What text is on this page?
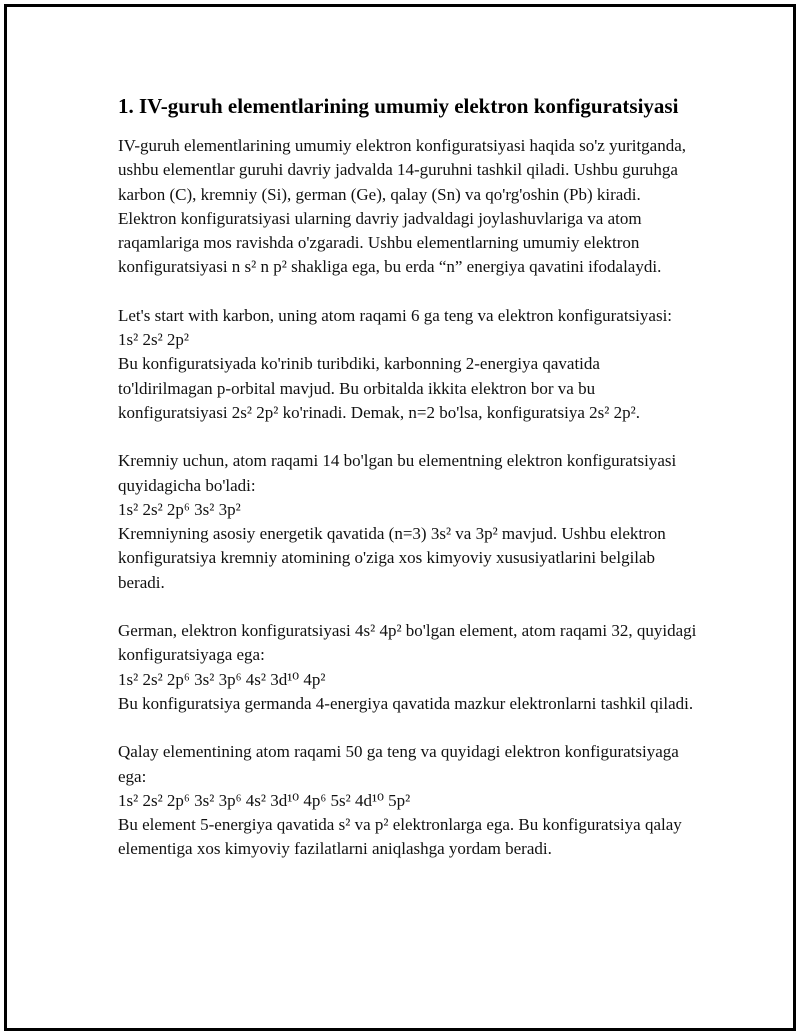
1. IV-guruh elementlarining umumiy elektron konfiguratsiyasi

IV-guruh elementlarining umumiy elektron konfiguratsiyasi haqida so'z yuritganda, ushbu elementlar guruhi davriy jadvalda 14-guruhni tashkil qiladi. Ushbu guruhga karbon (C), kremniy (Si), german (Ge), qalay (Sn) va qo'rg'oshin (Pb) kiradi. Elektron konfiguratsiyasi ularning davriy jadvaldagi joylashuvlariga va atom raqamlariga mos ravishda o'zgaradi. Ushbu elementlarning umumiy elektron konfiguratsiyasi n s² n p² shakliga ega, bu erda “n” energiya qavatini ifodalaydi.

Let's start with karbon, uning atom raqami 6 ga teng va elektron konfiguratsiyasi:
1s² 2s² 2p²
Bu konfiguratsiyada ko'rinib turibdiki, karbonning 2-energiya qavatida to'ldirilmagan p-orbital mavjud. Bu orbitalda ikkita elektron bor va bu konfiguratsiyasi 2s² 2p² ko'rinadi. Demak, n=2 bo'lsa, konfiguratsiya 2s² 2p².

Kremniy uchun, atom raqami 14 bo'lgan bu elementning elektron konfiguratsiyasi quyidagicha bo'ladi:
1s² 2s² 2p⁶ 3s² 3p²
Kremniyning asosiy energetik qavatida (n=3) 3s² va 3p² mavjud. Ushbu elektron konfiguratsiya kremniy atomining o'ziga xos kimyoviy xususiyatlarini belgilab beradi.

German, elektron konfiguratsiyasi 4s² 4p² bo'lgan element, atom raqami 32, quyidagi konfiguratsiyaga ega:
1s² 2s² 2p⁶ 3s² 3p⁶ 4s² 3d¹⁰ 4p²
Bu konfiguratsiya germanda 4-energiya qavatida mazkur elektronlarni tashkil qiladi.

Qalay elementining atom raqami 50 ga teng va quyidagi elektron konfiguratsiyaga ega:
1s² 2s² 2p⁶ 3s² 3p⁶ 4s² 3d¹⁰ 4p⁶ 5s² 4d¹⁰ 5p²
Bu element 5-energiya qavatida s² va p² elektronlarga ega. Bu konfiguratsiya qalay elementiga xos kimyoviy fazilatlarni aniqlashga yordam beradi.
